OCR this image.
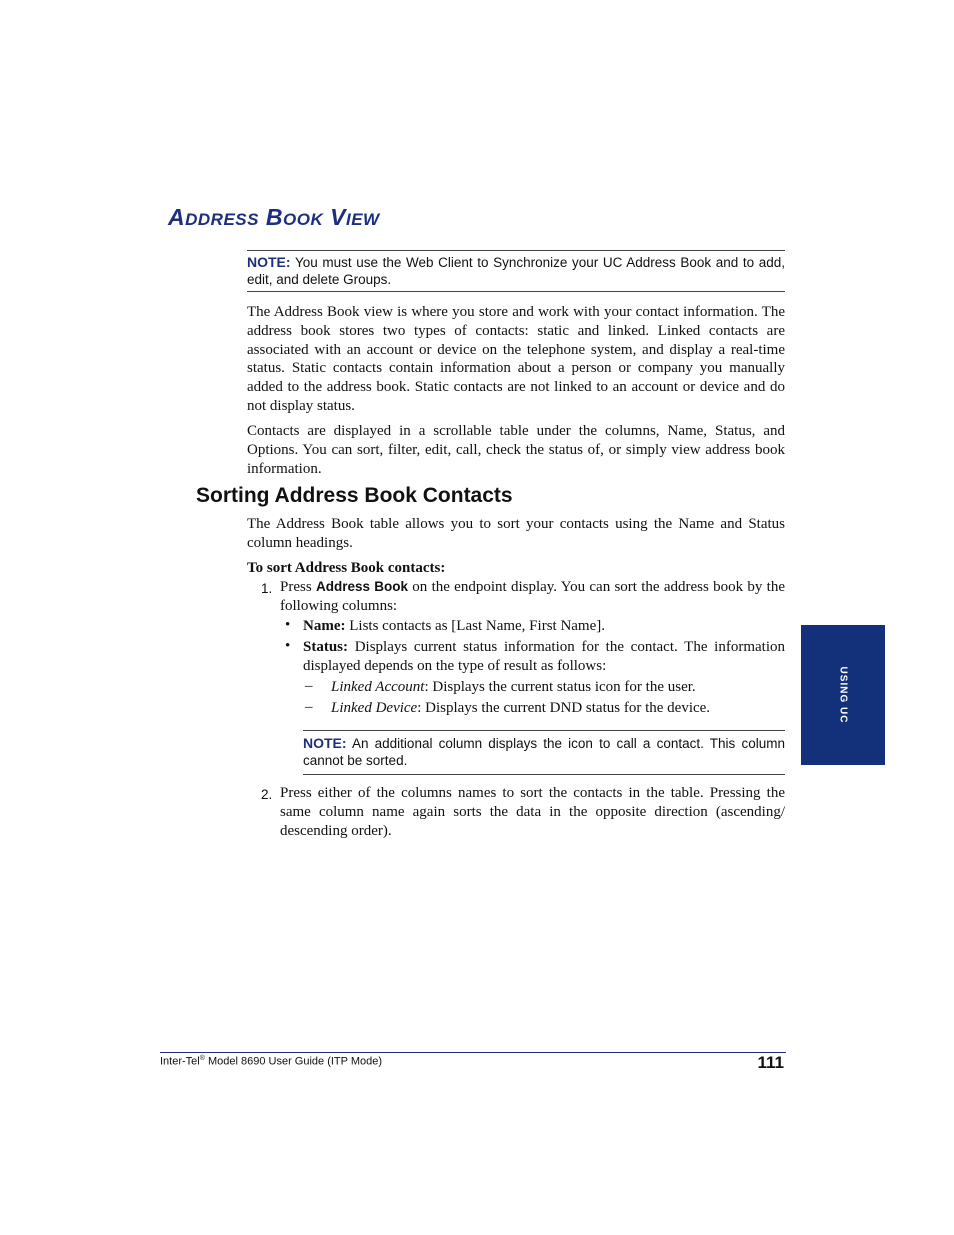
ADDRESS BOOK VIEW
NOTE: You must use the Web Client to Synchronize your UC Address Book and to add, edit, and delete Groups.
The Address Book view is where you store and work with your contact information. The address book stores two types of contacts: static and linked. Linked contacts are associated with an account or device on the telephone system, and display a real-time status. Static contacts contain information about a person or company you manually added to the address book. Static contacts are not linked to an account or device and do not display status.
Contacts are displayed in a scrollable table under the columns, Name, Status, and Options. You can sort, filter, edit, call, check the status of, or simply view address book information.
Sorting Address Book Contacts
The Address Book table allows you to sort your contacts using the Name and Status column headings.
To sort Address Book contacts:
1. Press Address Book on the endpoint display. You can sort the address book by the following columns:
• Name: Lists contacts as [Last Name, First Name].
• Status: Displays current status information for the contact. The information displayed depends on the type of result as follows:
– Linked Account: Displays the current status icon for the user.
– Linked Device: Displays the current DND status for the device.
NOTE: An additional column displays the icon to call a contact. This column cannot be sorted.
2. Press either of the columns names to sort the contacts in the table. Pressing the same column name again sorts the data in the opposite direction (ascending/ descending order).
USING UC
Inter-Tel® Model 8690 User Guide (ITP Mode)	111
